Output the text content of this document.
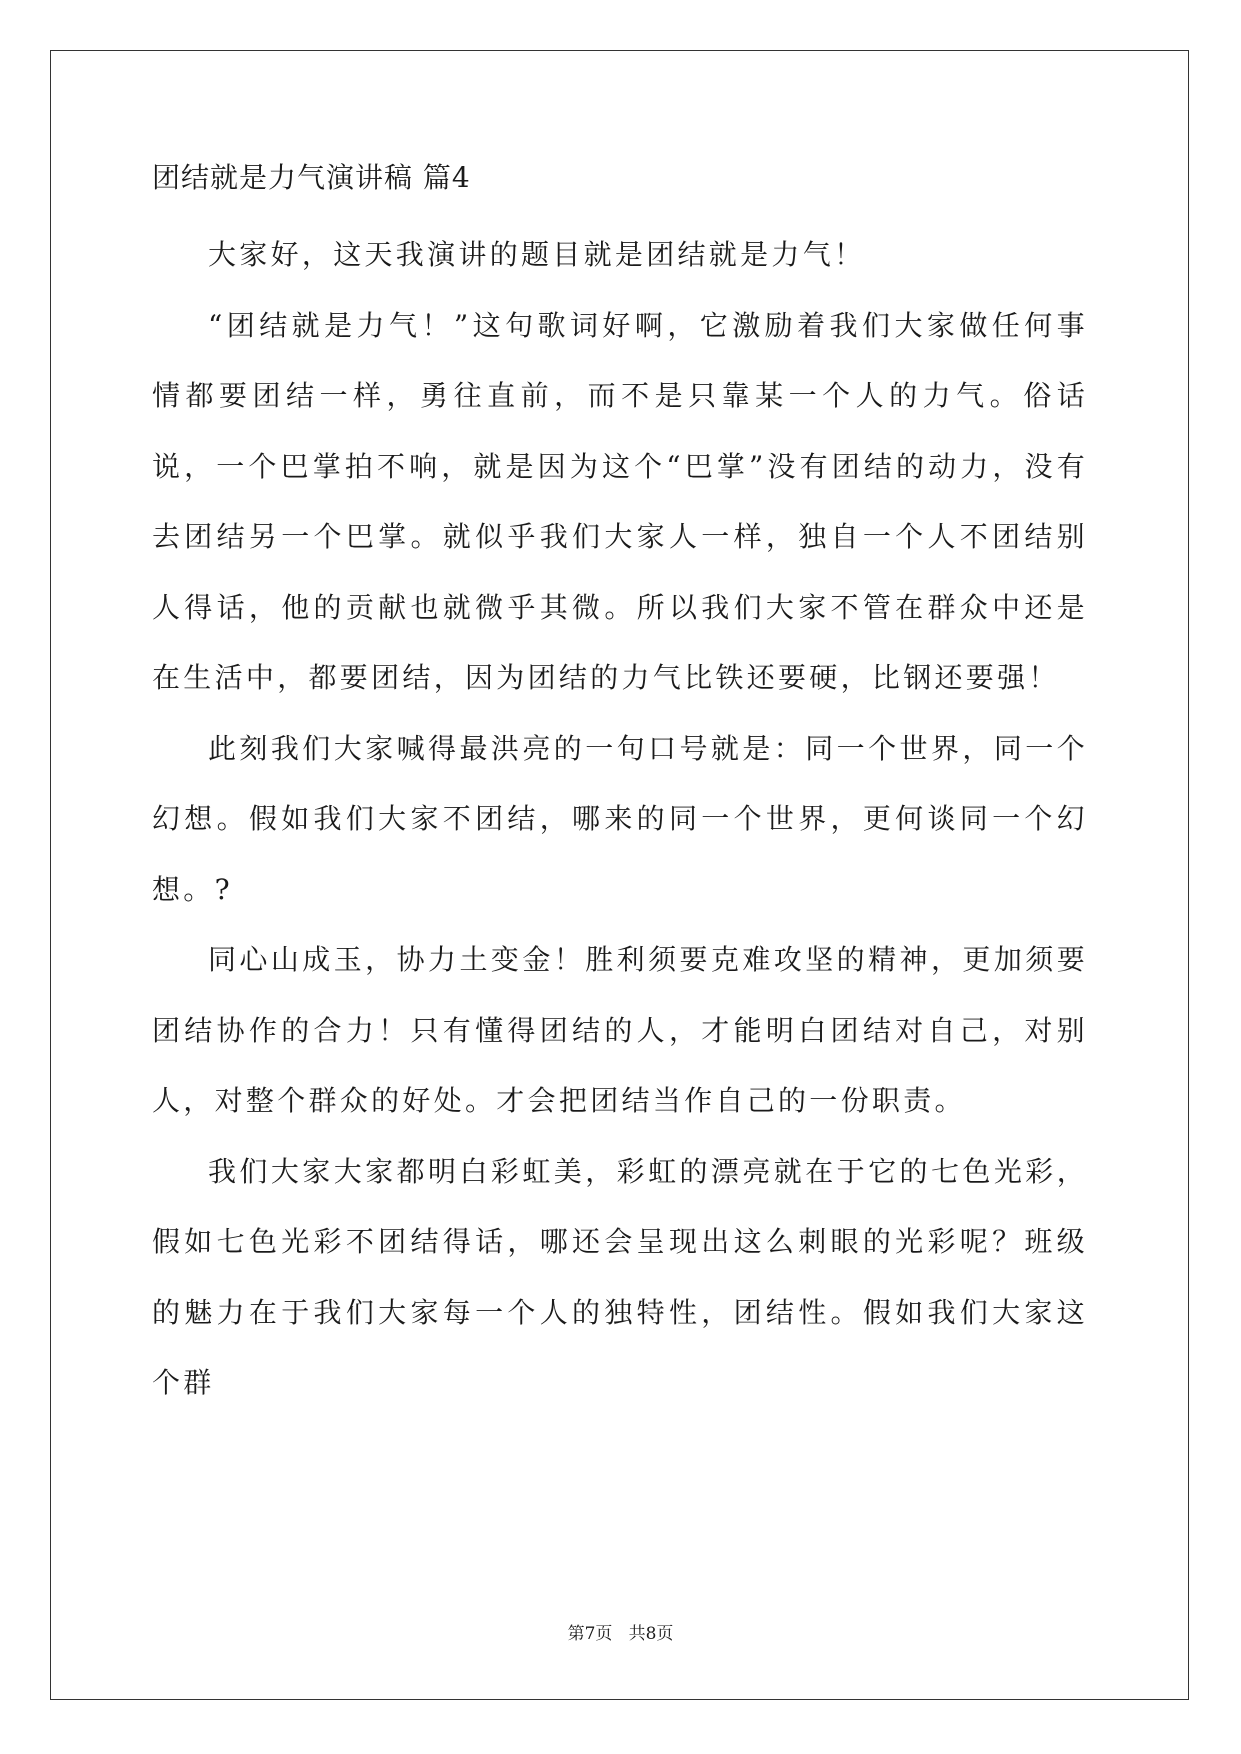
团结就是力气演讲稿 篇4

大家好，这天我演讲的题目就是团结就是力气！

“团结就是力气！”这句歌词好啊，它激励着我们大家做任何事情都要团结一样，勇往直前，而不是只靠某一个人的力气。俗话说，一个巴掌拍不响，就是因为这个“巴掌”没有团结的动力，没有去团结另一个巴掌。就似乎我们大家人一样，独自一个人不团结别人得话，他的贡献也就微乎其微。所以我们大家不管在群众中还是在生活中，都要团结，因为团结的力气比铁还要硬，比钢还要强！

此刻我们大家喊得最洪亮的一句口号就是：同一个世界，同一个幻想。假如我们大家不团结，哪来的同一个世界，更何谈同一个幻想。?

同心山成玉，协力土变金！胜利须要克难攻坚的精神，更加须要团结协作的合力！只有懂得团结的人，才能明白团结对自己，对别人，对整个群众的好处。才会把团结当作自己的一份职责。

我们大家大家都明白彩虹美，彩虹的漂亮就在于它的七色光彩，假如七色光彩不团结得话，哪还会呈现出这么刺眼的光彩呢？班级的魅力在于我们大家每一个人的独特性，团结性。假如我们大家这个群

第7页   共8页
